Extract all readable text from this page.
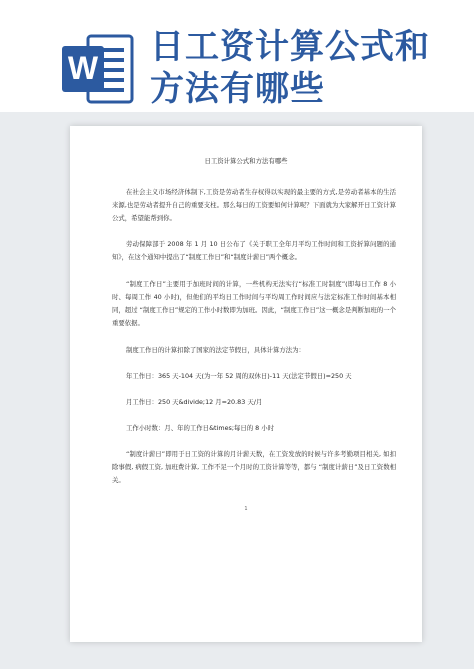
W
日工资计算公式和方法有哪些
日工资计算公式和方法有哪些
在社会主义市场经济体制下,工资是劳动者生存权得以实现的最主要的方式,是劳动者基本的生活来源,也是劳动者提升自己的重要支柱。那么每日的工资要如何计算呢？下面就为大家解开日工资计算公式，希望能帮到你。
劳动保障部于 2008 年 1 月 10 日公布了《关于职工全年月平均工作时间和工资折算问题的通知》，在这个通知中提出了“制度工作日”和“制度计薪日”两个概念。
“制度工作日”主要用于加班时间的计算，一些机构无法实行“标准工时制度”(即每日工作 8 小时、每周工作 40 小时)，但他们的平均日工作时间与平均周工作时间应与法定标准工作时间基本相同，超过 “制度工作日”规定的工作小时数即为加班。因此，“制度工作日”这一概念是判断加班的一个重要依据。
制度工作日的计算扣除了国家的法定节假日，具体计算方法为：
年工作日：365 天-104 天(为一年 52 周的双休日)-11 天(法定节假日)=250 天
月工作日：250 天&divide;12 月=20.83 天/月
工作小时数：月、年的工作日&times;每日的 8 小时
“制度计薪日”即用于日工资的计算的月计薪天数，在工资发放的时候与许多考勤项目相关, 如扣除事假, 病假工资, 加班费计算, 工作不足一个月时的工资计算等等，都与 “制度计薪日”及日工资数相关。
1
